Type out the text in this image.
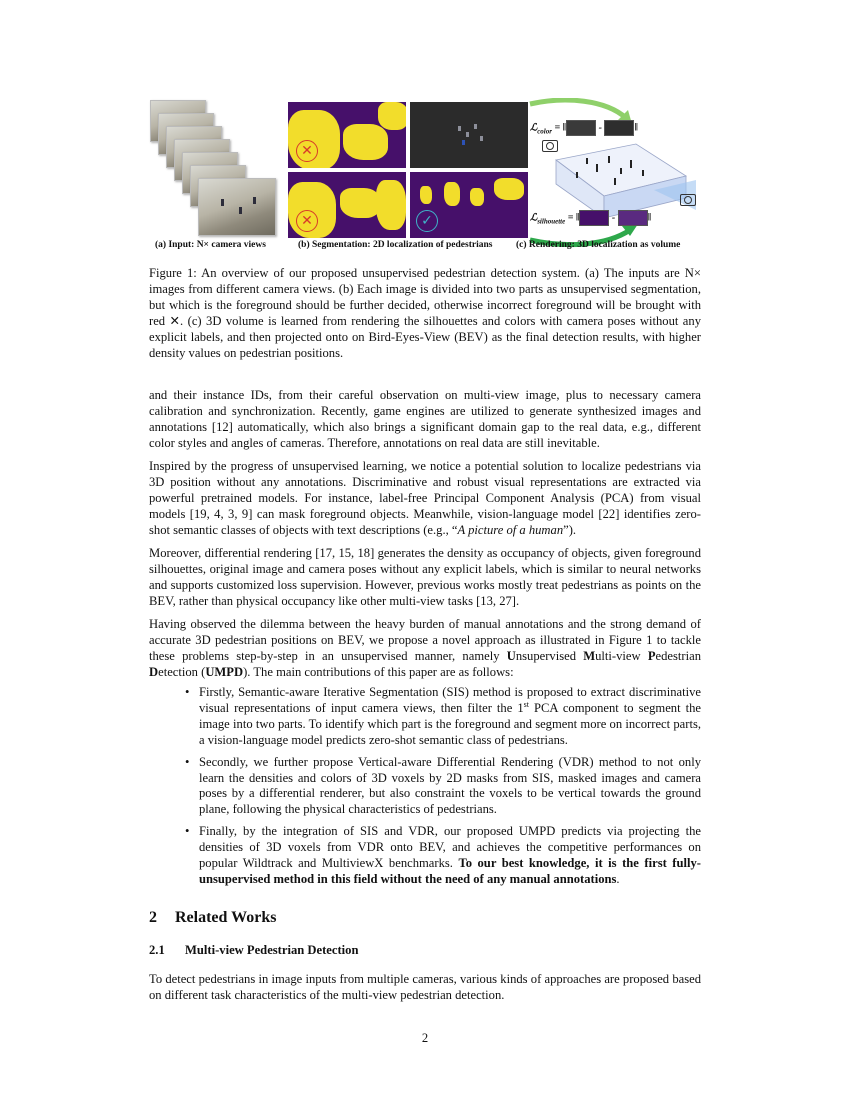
✕
✕	✓
ℒ$_{color}$ = ‖	-	‖
ℒ$_{silhouette}$ = ‖	-	‖
(a) Input: N× camera views	(b) Segmentation: 2D localization of pedestrians (c) Rendering: 3D localization as volume
Figure 1: An overview of our proposed unsupervised pedestrian detection system. (a) The inputs are N× images from different camera views. (b) Each image is divided into two parts as unsupervised segmentation, but which is the foreground should be further decided, otherwise incorrect foreground will be brought with red ✕. (c) 3D volume is learned from rendering the silhouettes and colors with camera poses without any explicit labels, and then projected onto on Bird-Eyes-View (BEV) as the final detection results, with higher density values on pedestrian positions.

and their instance IDs, from their careful observation on multi-view image, plus to necessary camera calibration and synchronization. Recently, game engines are utilized to generate synthesized images and annotations [12] automatically, which also brings a significant domain gap to the real data, e.g., different color styles and angles of cameras. Therefore, annotations on real data are still inevitable.

Inspired by the progress of unsupervised learning, we notice a potential solution to localize pedestrians via 3D position without any annotations. Discriminative and robust visual representations are extracted via powerful pretrained models. For instance, label-free Principal Component Analysis (PCA) from visual models [19, 4, 3, 9] can mask foreground objects. Meanwhile, vision-language model [22] identifies zero-shot semantic classes of objects with text descriptions (e.g., “A picture of a human”).

Moreover, differential rendering [17, 15, 18] generates the density as occupancy of objects, given foreground silhouettes, original image and camera poses without any explicit labels, which is similar to neural networks and supports customized loss supervision. However, previous works mostly treat pedestrians as points on the BEV, rather than physical occupancy like other multi-view tasks [13, 27].

Having observed the dilemma between the heavy burden of manual annotations and the strong demand of accurate 3D pedestrian positions on BEV, we propose a novel approach as illustrated in Figure 1 to tackle these problems step-by-step in an unsupervised manner, namely Unsupervised Multi-view Pedestrian Detection (UMPD). The main contributions of this paper are as follows:

• Firstly, Semantic-aware Iterative Segmentation (SIS) method is proposed to extract discriminative visual representations of input camera views, then filter the 1st PCA component to segment the image into two parts. To identify which part is the foreground and segment more on incorrect parts, a vision-language model predicts zero-shot semantic class of pedestrians.
• Secondly, we further propose Vertical-aware Differential Rendering (VDR) method to not only learn the densities and colors of 3D voxels by 2D masks from SIS, masked images and camera poses by a differential renderer, but also constraint the voxels to be vertical towards the ground plane, following the physical characteristics of pedestrians.
• Finally, by the integration of SIS and VDR, our proposed UMPD predicts via projecting the densities of 3D voxels from VDR onto BEV, and achieves the competitive performances on popular Wildtrack and MultiviewX benchmarks. To our best knowledge, it is the first fully-unsupervised method in this field without the need of any manual annotations.
2 Related Works
2.1 Multi-view Pedestrian Detection

To detect pedestrians in image inputs from multiple cameras, various kinds of approaches are proposed based on different task characteristics of the multi-view pedestrian detection.

2
